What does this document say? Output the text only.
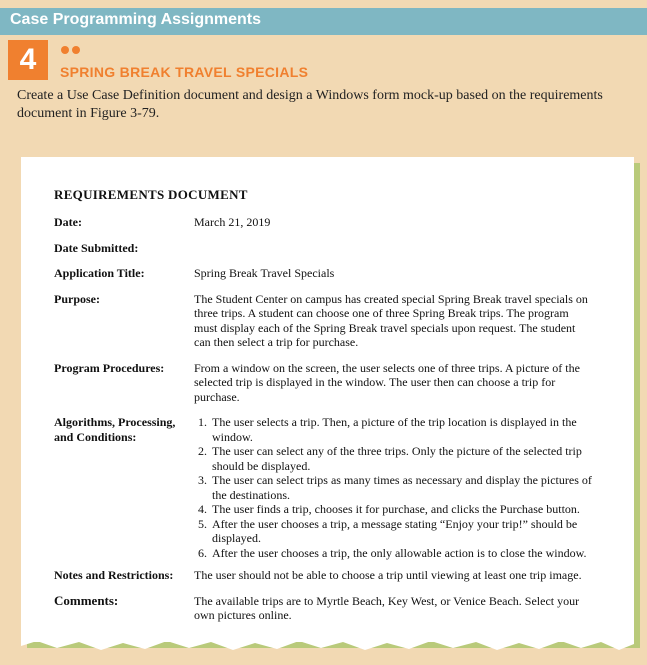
Case Programming Assignments
4	SPRING BREAK TRAVEL SPECIALS
Create a Use Case Definition document and design a Windows form mock-up based on the requirements document in Figure 3-79.
REQUIREMENTS DOCUMENT
Date:	March 21, 2019
Date Submitted:
Application Title:	Spring Break Travel Specials
Purpose:	The Student Center on campus has created special Spring Break travel specials on three trips. A student can choose one of three Spring Break trips. The program must display each of the Spring Break travel specials upon request. The student can then select a trip for purchase.
Program Procedures:	From a window on the screen, the user selects one of three trips. A picture of the selected trip is displayed in the window. The user then can choose a trip for purchase.
Algorithms, Processing,
and Conditions:
1. The user selects a trip. Then, a picture of the trip location is displayed in the window.
2. The user can select any of the three trips. Only the picture of the selected trip should be displayed.
3. The user can select trips as many times as necessary and display the pictures of the destinations.
4. The user finds a trip, chooses it for purchase, and clicks the Purchase button.
5. After the user chooses a trip, a message stating “Enjoy your trip!” should be displayed.
6. After the user chooses a trip, the only allowable action is to close the window.
Notes and Restrictions:	The user should not be able to choose a trip until viewing at least one trip image.
Comments:	The available trips are to Myrtle Beach, Key West, or Venice Beach. Select your own pictures online.
